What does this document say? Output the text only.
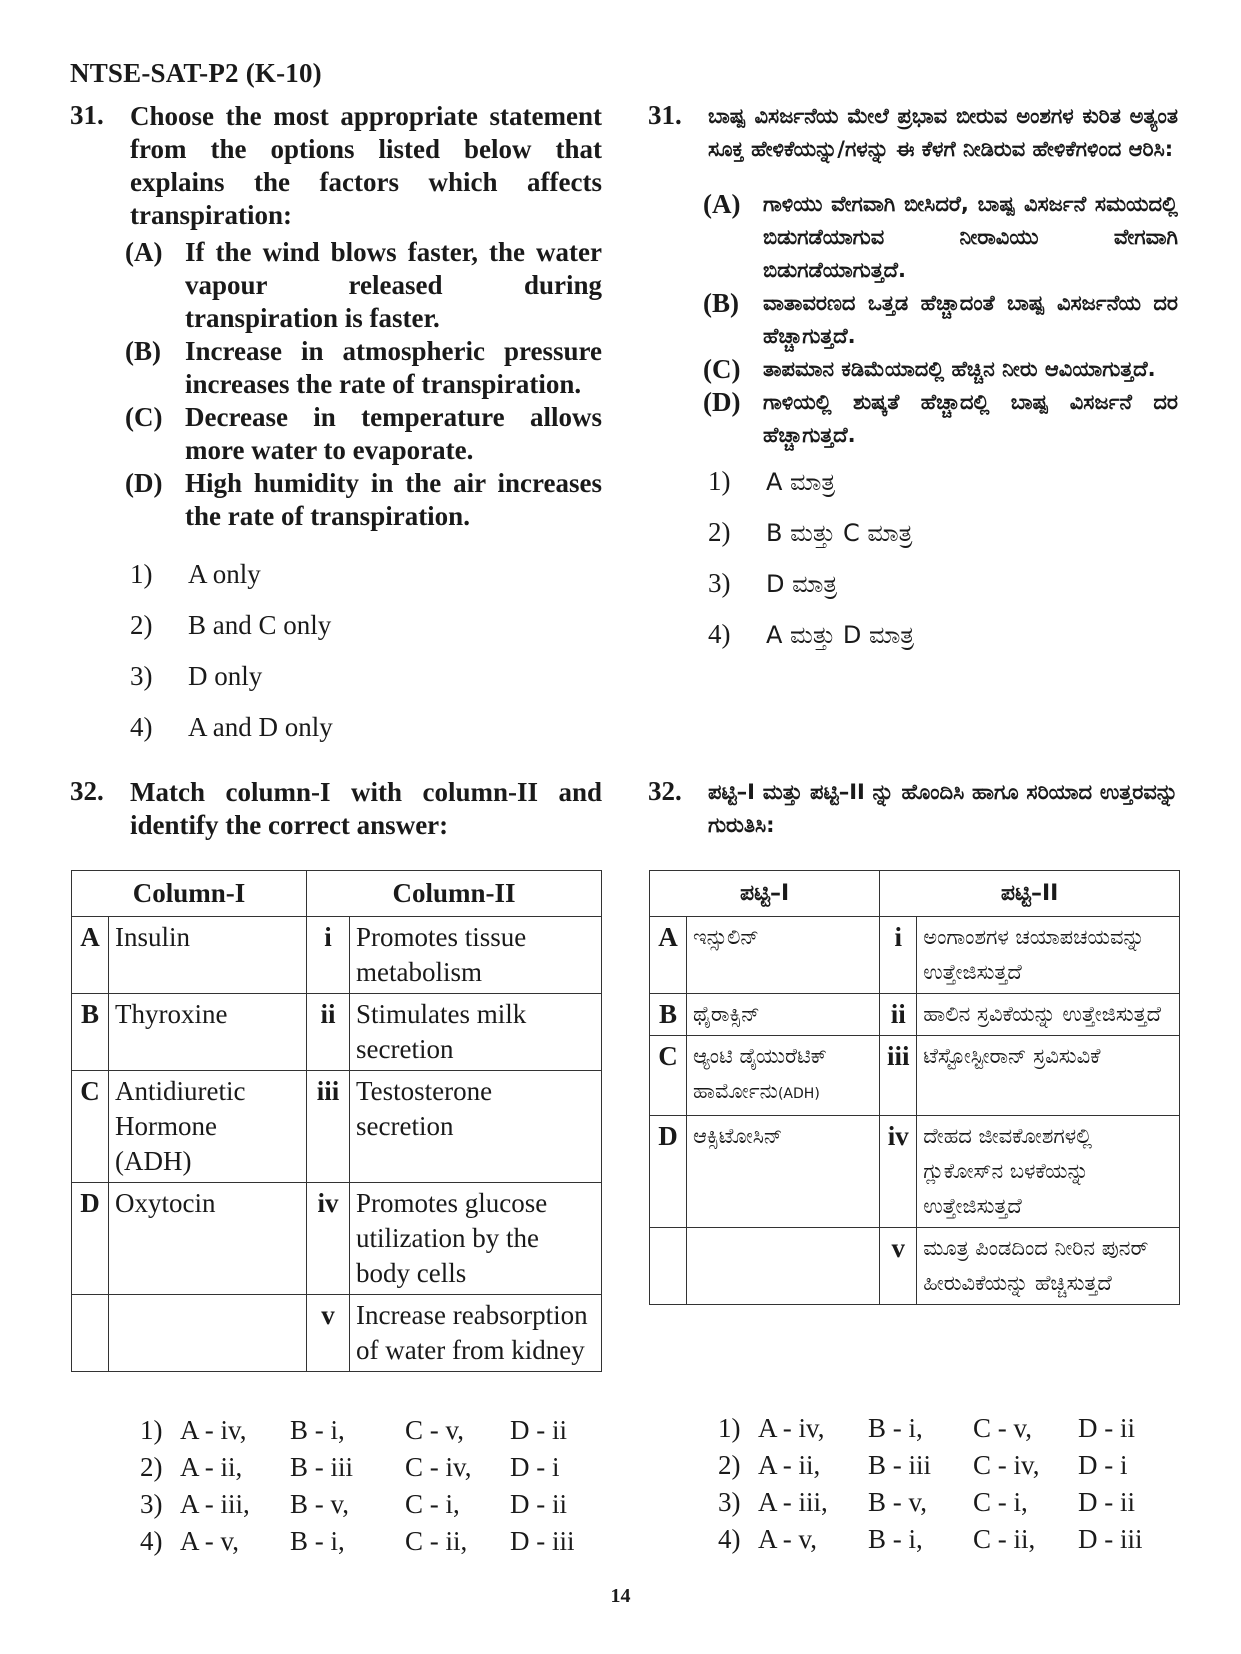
NTSE-SAT-P2 (K-10)
31. Choose the most appropriate statement from the options listed below that explains the factors which affects transpiration:
(A) If the wind blows faster, the water vapour released during transpiration is faster.
(B) Increase in atmospheric pressure increases the rate of transpiration.
(C) Decrease in temperature allows more water to evaporate.
(D) High humidity in the air increases the rate of transpiration.
1)	A only
2)	B and C only
3)	D only
4)	A and D only
31.	ಬಾಷ್ಪ ವಿಸರ್ಜನೆಯ ಮೇಲೆ ಪ್ರಭಾವ ಬೀರುವ ಅಂಶಗಳ ಕುರಿತ ಅತ್ಯಂತ ಸೂಕ್ತ ಹೇಳಿಕೆಯನ್ನು/ಗಳನ್ನು ಈ ಕೆಳಗೆ ನೀಡಿರುವ ಹೇಳಿಕೆಗಳಿಂದ ಆರಿಸಿ:
(A)	ಗಾಳಿಯು ವೇಗವಾಗಿ ಬೀಸಿದರೆ, ಬಾಷ್ಪ ವಿಸರ್ಜನೆ ಸಮಯದಲ್ಲಿ ಬಿಡುಗಡೆಯಾಗುವ ನೀರಾವಿಯು ವೇಗವಾಗಿ ಬಿಡುಗಡೆಯಾಗುತ್ತದೆ.
(B)	ವಾತಾವರಣದ ಒತ್ತಡ ಹೆಚ್ಚಾದಂತೆ ಬಾಷ್ಪ ವಿಸರ್ಜನೆಯ ದರ ಹೆಚ್ಚಾಗುತ್ತದೆ.
(C)	ತಾಪಮಾನ ಕಡಿಮೆಯಾದಲ್ಲಿ ಹೆಚ್ಚಿನ ನೀರು ಆವಿಯಾಗುತ್ತದೆ.
(D)	ಗಾಳಿಯಲ್ಲಿ ಶುಷ್ಕತೆ ಹೆಚ್ಚಾದಲ್ಲಿ ಬಾಷ್ಪ ವಿಸರ್ಜನೆ ದರ ಹೆಚ್ಚಾಗುತ್ತದೆ.
1)	A ಮಾತ್ರ
2)	B ಮತ್ತು C ಮಾತ್ರ
3)	D ಮಾತ್ರ
4)	A ಮತ್ತು D ಮಾತ್ರ
32. Match column-I with column-II and identify the correct answer:
32.	ಪಟ್ಟಿ–I ಮತ್ತು ಪಟ್ಟಿ–II ನ್ನು ಹೊಂದಿಸಿ ಹಾಗೂ ಸರಿಯಾದ ಉತ್ತರವನ್ನು ಗುರುತಿಸಿ:
Column-I		Column-II	
A	Insulin	i	Promotes tissue metabolism
B	Thyroxine	ii	Stimulates milk secretion
C	Antidiuretic Hormone (ADH)	iii	Testosterone secretion
D	Oxytocin	iv	Promotes glucose utilization by the body cells
		v	Increase reabsorption of water from kidney
ಪಟ್ಟಿ–I		ಪಟ್ಟಿ–II	
A	ಇನ್ಸುಲಿನ್	i	ಅಂಗಾಂಶಗಳ ಚಯಾಪಚಯವನ್ನು ಉತ್ತೇಜಿಸುತ್ತದೆ
B	ಥೈರಾಕ್ಸಿನ್	ii	ಹಾಲಿನ ಸ್ರವಿಕೆಯನ್ನು ಉತ್ತೇಜಿಸುತ್ತದೆ
C	ಆ್ಯಂಟಿ ಡೈಯುರೆಟಿಕ್ ಹಾರ್ಮೋನು(ADH)	iii	ಟೆಸ್ಟೋಸ್ಟೀರಾನ್ ಸ್ರವಿಸುವಿಕೆ
D	ಆಕ್ಸಿಟೋಸಿನ್	iv	ದೇಹದ ಜೀವಕೋಶಗಳಲ್ಲಿ ಗ್ಲುಕೋಸ್‌ನ ಬಳಕೆಯನ್ನು ಉತ್ತೇಜಿಸುತ್ತದೆ
		v	ಮೂತ್ರ ಪಿಂಡದಿಂದ ನೀರಿನ ಪುನರ್ ಹೀರುವಿಕೆಯನ್ನು ಹೆಚ್ಚಿಸುತ್ತದೆ
1) A - iv,	B - i,	C - v,	D - ii
2) A - ii,	B - iii	C - iv,	D - i
3) A - iii,	B - v,	C - i,	D - ii
4) A - v,	B - i,	C - ii,	D - iii
1) A - iv,	B - i,	C - v,	D - ii
2) A - ii,	B - iii	C - iv,	D - i
3) A - iii,	B - v,	C - i,	D - ii
4) A - v,	B - i,	C - ii,	D - iii
14
